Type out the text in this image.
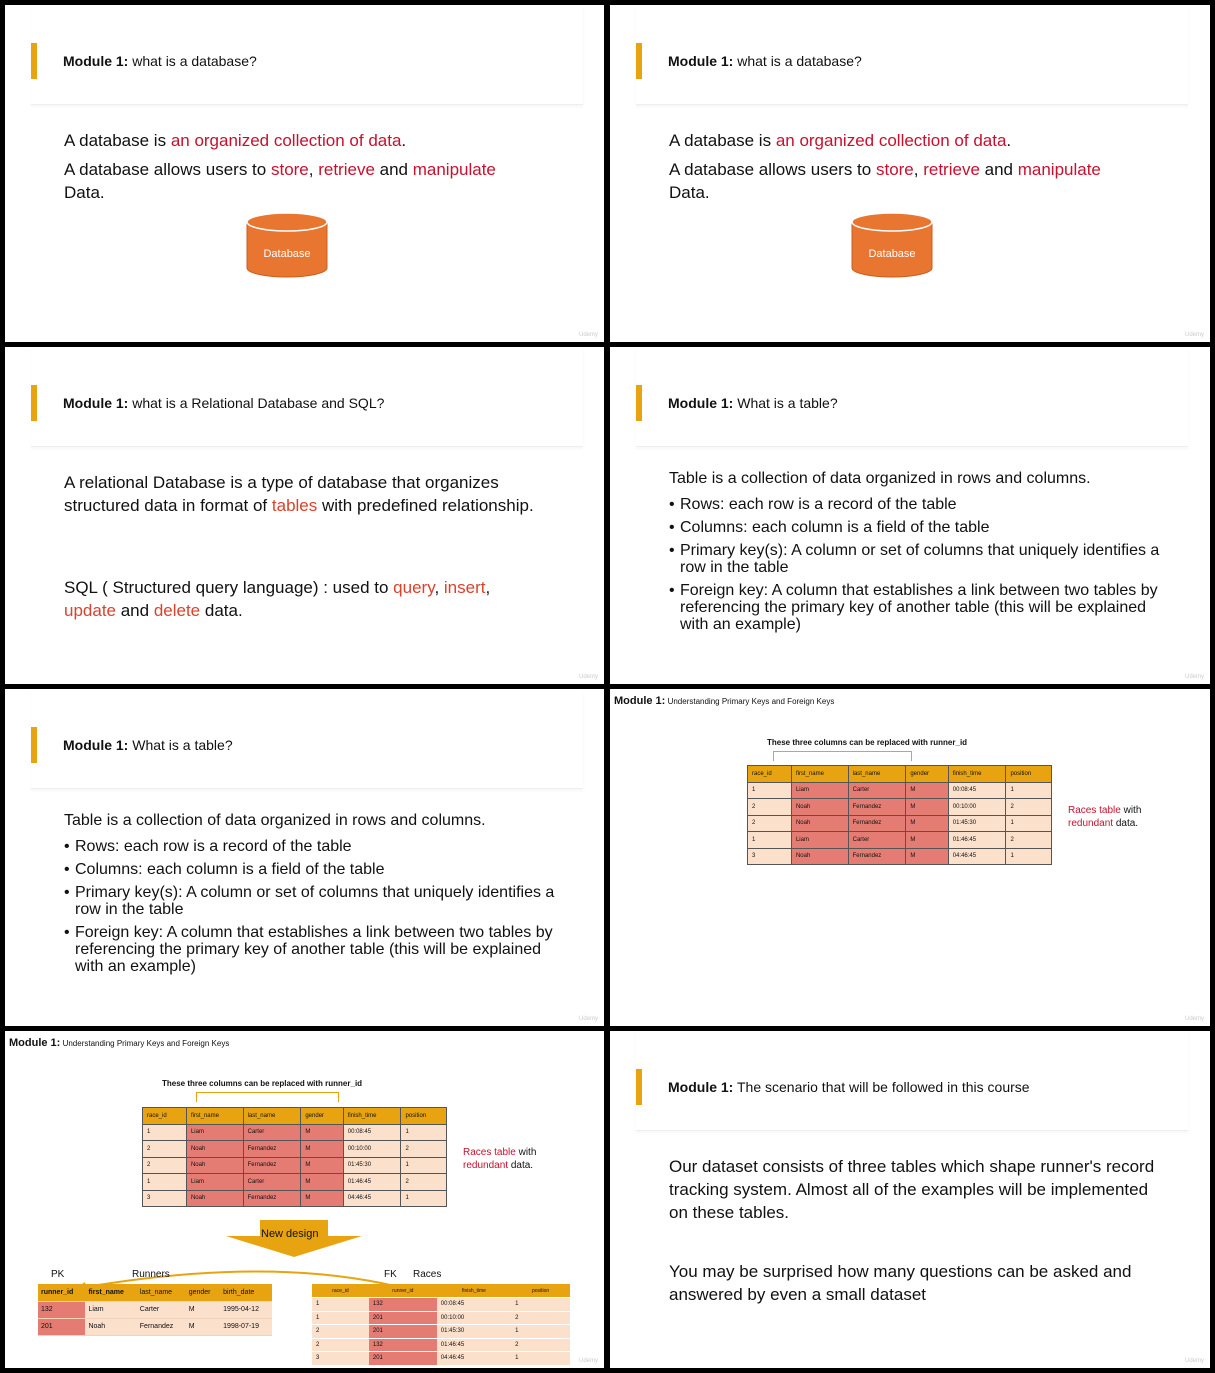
Module 1: what is a database?
A database is an organized collection of data.
A database allows users to store, retrieve and manipulate
Data.
Database
Udemy
Module 1: what is a database?
A database is an organized collection of data.
A database allows users to store, retrieve and manipulate
Data.
Database
Udemy
Module 1: what is a Relational Database and SQL?
A relational Database is a type of database that organizes structured data in format of tables with predefined relationship.
SQL ( Structured query language) : used to query, insert,
update and delete data.
Udemy
Module 1: What is a table?
Table is a collection of data organized in rows and columns.
• Rows: each row is a record of the table
• Columns: each column is a field of the table
• Primary key(s): A column or set of columns that uniquely identifies a row in the table
• Foreign key: A column that establishes a link between two tables by referencing the primary key of another table (this will be explained with an example)
Udemy
Module 1: What is a table?
Table is a collection of data organized in rows and columns.
• Rows: each row is a record of the table
• Columns: each column is a field of the table
• Primary key(s): A column or set of columns that uniquely identifies a row in the table
• Foreign key: A column that establishes a link between two tables by referencing the primary key of another table (this will be explained with an example)
Udemy
Module 1: Understanding Primary Keys and Foreign Keys
These three columns can be replaced with runner_id
race_id	first_name	last_name	gender	finish_time	position
1	Liam	Carter	M	00:08:45	1
2	Noah	Fernandez	M	00:10:00	2
2	Noah	Fernandez	M	01:45:30	1
1	Liam	Carter	M	01:46:45	2
3	Noah	Fernandez	M	04:46:45	1
Races table with
redundant data.
Udemy
Module 1: Understanding Primary Keys and Foreign Keys
These three columns can be replaced with runner_id
race_id	first_name	last_name	gender	finish_time	position
1	Liam	Carter	M	00:08:45	1
2	Noah	Fernandez	M	00:10:00	2
2	Noah	Fernandez	M	01:45:30	1
1	Liam	Carter	M	01:46:45	2
3	Noah	Fernandez	M	04:46:45	1
Races table with
redundant data.
New design
PK	Runners	FK Races
runner_id	first_name	last_name	gender	birth_date
132	Liam	Carter	M	1995-04-12
201	Noah	Fernandez	M	1998-07-19
race_id	runner_id	finish_time	position
1	132	00:08:45	1
1	201	00:10:00	2
2	201	01:45:30	1
2	132	01:46:45	2
3	201	04:46:45	1	Udemy
Module 1: The scenario that will be followed in this course
Our dataset consists of three tables which shape runner's record tracking system. Almost all of the examples will be implemented on these tables.
You may be surprised how many questions can be asked and answered by even a small dataset
Udemy
